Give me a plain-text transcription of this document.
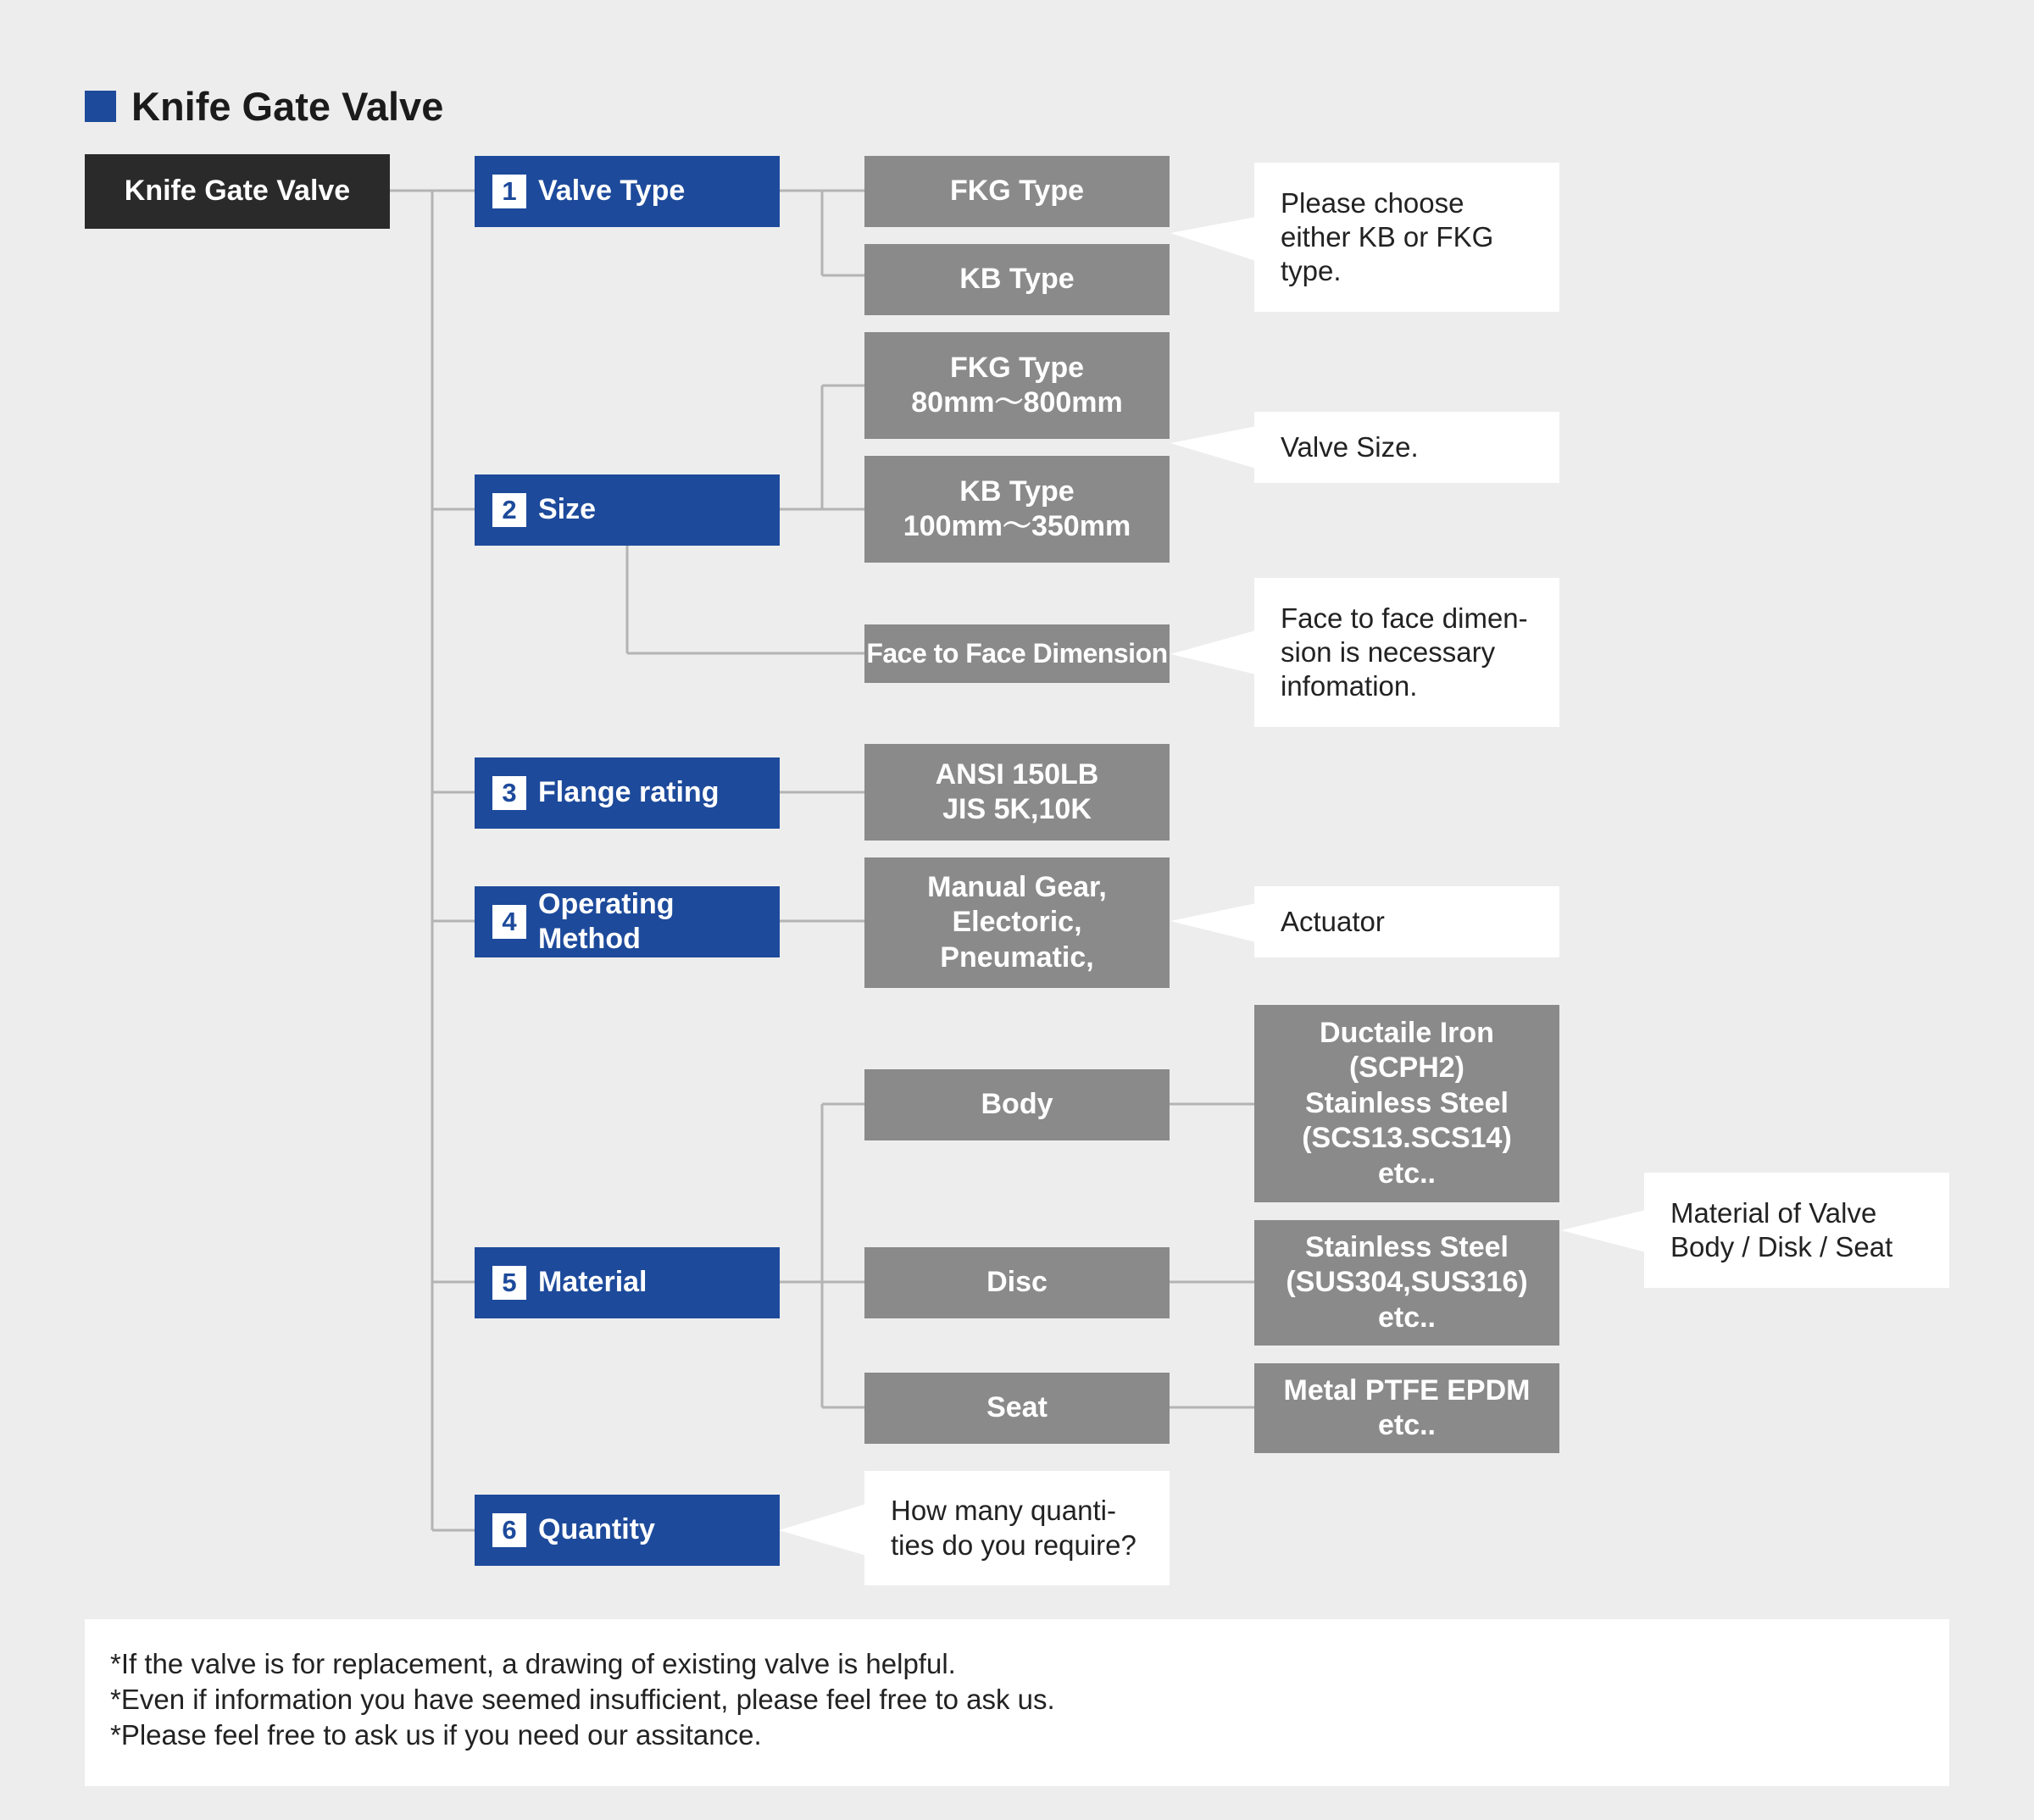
Knife Gate Valve
Knife Gate Valve	1 Valve Type
2 Size
3 Flange rating
4
Operating Method
5 Material
6 Quantity
FKG Type
KB Type
FKG Type
80mm～800mm
KB Type
100mm～350mm
Face to Face Dimension
ANSI 150LB
JIS 5K,10K
Manual Gear,
Electoric,
Pneumatic,
Body
Disc
Seat
Ductaile Iron
(SCPH2)
Stainless Steel
(SCS13.SCS14)
etc..
Stainless Steel
(SUS304,SUS316)
etc..
Metal PTFE EPDM
etc..
Please choose
either KB or FKG
type.
Valve Size.
Face to face dimen-
sion is necessary
infomation.
Actuator
Material of Valve
Body / Disk / Seat
How many quanti-
ties do you require?
*If the valve is for replacement, a drawing of existing valve is helpful.
*Even if information you have seemed insufficient, please feel free to ask us.
*Please feel free to ask us if you need our assitance.
